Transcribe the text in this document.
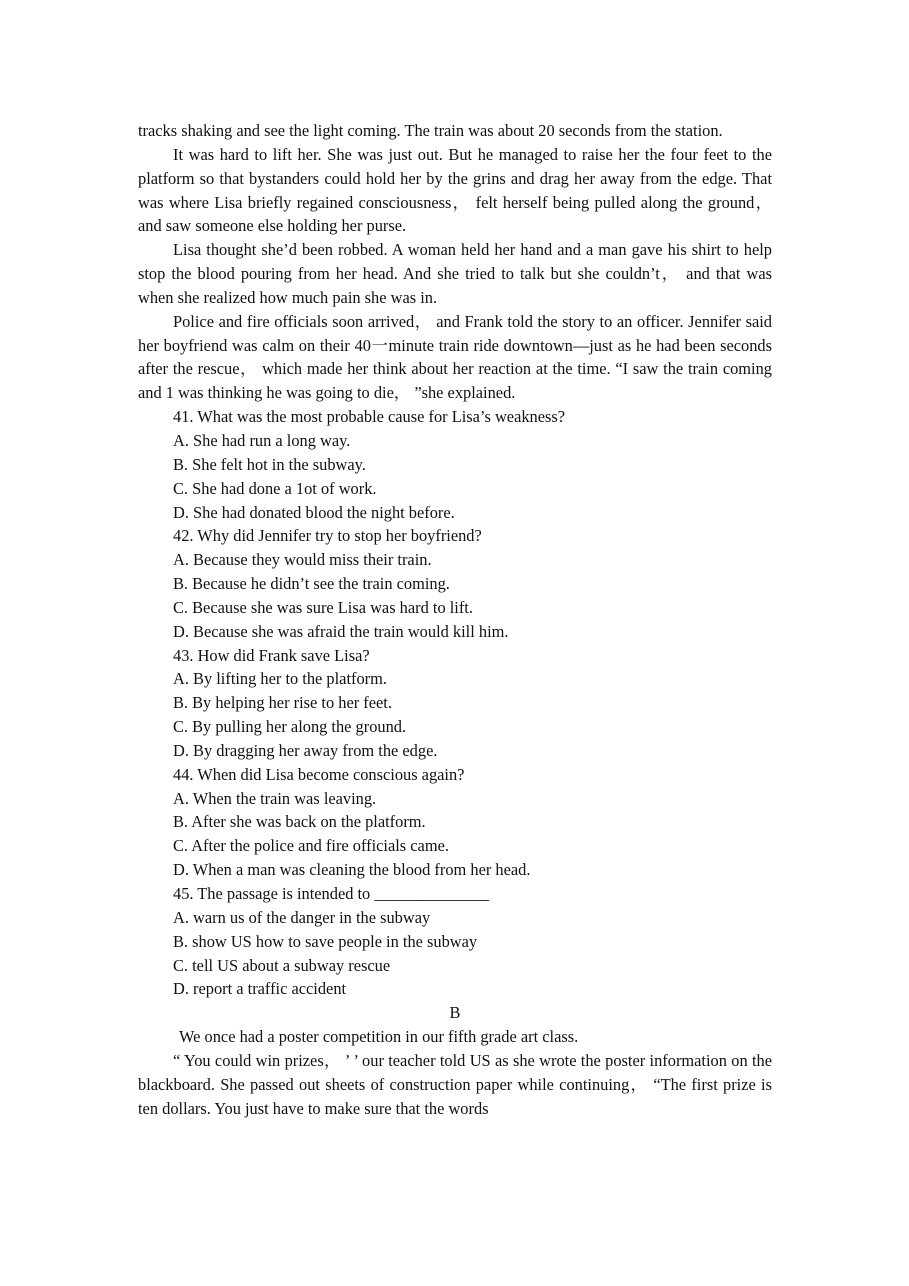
tracks shaking and see the light coming. The train was about 20 seconds from the station.

It was hard to lift her. She was just out. But he managed to raise her the four feet to the platform so that bystanders could hold her by the grins and drag her away from the edge. That was where Lisa briefly regained consciousness， felt herself being pulled along the ground， and saw someone else holding her purse.

Lisa thought she’d been robbed. A woman held her hand and a man gave his shirt to help stop the blood pouring from her head. And she tried to talk but she couldn’t， and that was when she realized how much pain she was in.

Police and fire officials soon arrived， and Frank told the story to an officer. Jennifer said her boyfriend was calm on their 40一minute train ride downtown—just as he had been seconds after the rescue， which made her think about her reaction at the time. “I saw the train coming and 1 was thinking he was going to die， ”she explained.

41. What was the most probable cause for Lisa’s weakness?

A. She had run a long way.

B. She felt hot in the subway.

C. She had done a 1ot of work.

D. She had donated blood the night before.

42. Why did Jennifer try to stop her boyfriend?

A. Because they would miss their train.

B. Because he didn’t see the train coming.

C. Because she was sure Lisa was hard to lift.

D. Because she was afraid the train would kill him.

43. How did Frank save Lisa?

A. By lifting her to the platform.

B. By helping her rise to her feet.

C. By pulling her along the ground.

D. By dragging her away from the edge.

44. When did Lisa become conscious again?

A. When the train was leaving.

B. After she was back on the platform.

C. After the police and fire officials came.

D. When a man was cleaning the blood from her head.

45. The passage is intended to ______________

A. warn us of the danger in the subway

B. show US how to save people in the subway

C. tell US about a subway rescue

D. report a traffic accident

B

We once had a poster competition in our fifth grade art class.

“ You could win prizes， ’ ’ our teacher told US as she wrote the poster information on the blackboard. She passed out sheets of construction paper while continuing， “The first prize is ten dollars. You just have to make sure that the words
